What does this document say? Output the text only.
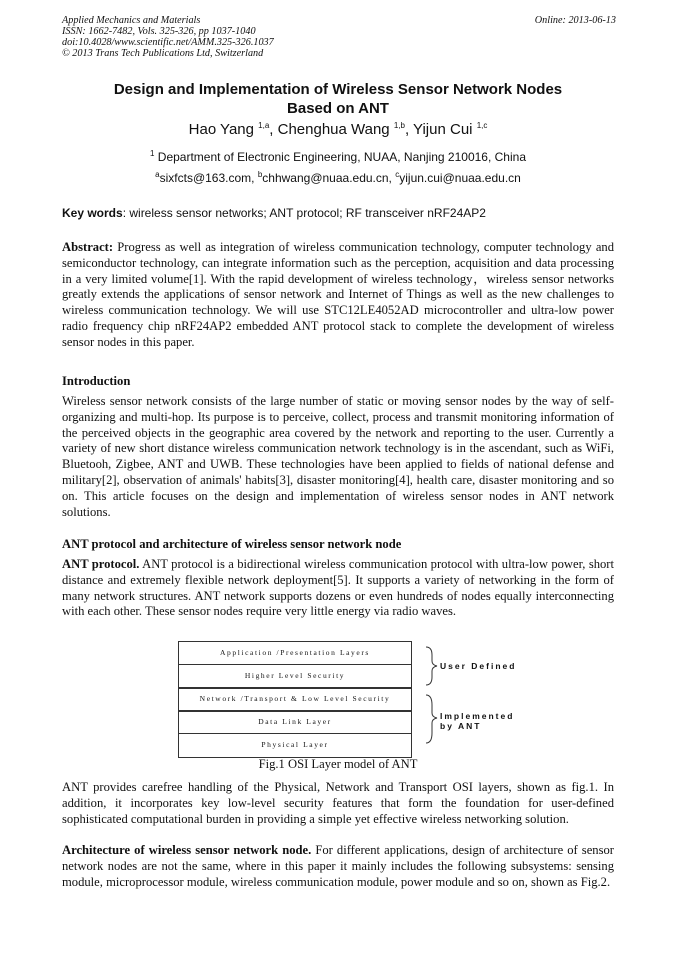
Applied Mechanics and Materials
ISSN: 1662-7482, Vols. 325-326, pp 1037-1040
doi:10.4028/www.scientific.net/AMM.325-326.1037
© 2013 Trans Tech Publications Ltd, Switzerland
Online: 2013-06-13
Design and Implementation of Wireless Sensor Network Nodes
Based on ANT
Hao Yang $^{1,a}$, Chenghua Wang $^{1,b}$, Yijun Cui $^{1,c}$
$^1$ Department of Electronic Engineering, NUAA, Nanjing 210016, China
$^a$sixfcts@163.com, $^b$chhwang@nuaa.edu.cn, $^c$yijun.cui@nuaa.edu.cn
Key words: wireless sensor networks; ANT protocol; RF transceiver nRF24AP2
Abstract: Progress as well as integration of wireless communication technology, computer technology and semiconductor technology, can integrate information such as the perception, acquisition and data processing in a very limited volume[1]. With the rapid development of wireless technology，wireless sensor networks greatly extends the applications of sensor network and Internet of Things as well as the new challenges to wireless communication technology. We will use STC12LE4052AD microcontroller and ultra-low power radio frequency chip nRF24AP2 embedded ANT protocol stack to complete the development of wireless sensor nodes in this paper.
Introduction
Wireless sensor network consists of the large number of static or moving sensor nodes by the way of self-organizing and multi-hop. Its purpose is to perceive, collect, process and transmit monitoring information of the perceived objects in the geographic area covered by the network and reporting to the user. Currently a variety of new short distance wireless communication network technology is in the ascendant, such as WiFi, Bluetooh, Zigbee, ANT and UWB. These technologies have been applied to fields of national defense and military[2], observation of animals' habits[3], disaster monitoring[4], health care, disaster monitoring and so on. This article focuses on the design and implementation of wireless sensor nodes in ANT network solutions.
ANT protocol and architecture of wireless sensor network node
ANT protocol. ANT protocol is a bidirectional wireless communication protocol with ultra-low power, short distance and extremely flexible network deployment[5]. It supports a variety of networking in the form of many network structures. ANT network supports dozens or even hundreds of nodes equally interconnecting with each other. These sensor nodes require very little energy via radio waves.
Application /Presentation Layers
Higher Level Security
Network /Transport & Low Level Security
Data Link Layer
Physical Layer
User Defined
Implemented
by ANT
Fig.1 OSI Layer model of ANT
ANT provides carefree handling of the Physical, Network and Transport OSI layers, shown as fig.1. In addition, it incorporates key low-level security features that form the foundation for user-defined sophisticated computational burden in providing a simple yet effective wireless networking solution.
Architecture of wireless sensor network node. For different applications, design of architecture of sensor network nodes are not the same, where in this paper it mainly includes the following subsystems: sensing module, microprocessor module, wireless communication module, power module and so on, shown as Fig.2.
